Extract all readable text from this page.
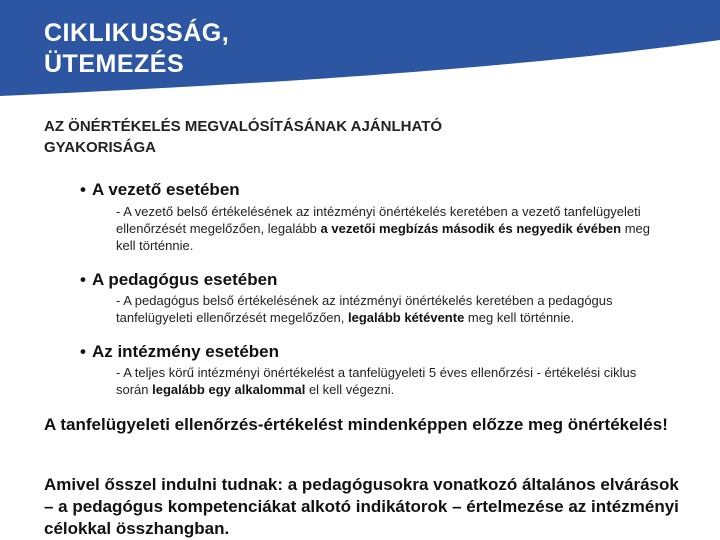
CIKLIKUSSÁG,
ÜTEMEZÉS
AZ ÖNÉRTÉKELÉS MEGVALÓSÍTÁSÁNAK AJÁNLHATÓ
GYAKORISÁGA
• A vezető esetében
- A vezető belső értékelésének az intézményi önértékelés keretében a vezető tanfelügyeleti ellenőrzését megelőzően, legalább a vezetői megbízás második és negyedik évében meg kell történnie.
• A pedagógus esetében
- A pedagógus belső értékelésének az intézményi önértékelés keretében a pedagógus tanfelügyeleti ellenőrzését megelőzően, legalább kétévente meg kell történnie.
• Az intézmény esetében
- A teljes körű intézményi önértékelést a tanfelügyeleti 5 éves ellenőrzési - értékelési ciklus során legalább egy alkalommal el kell végezni.
A tanfelügyeleti ellenőrzés-értékelést mindenképpen előzze meg önértékelés!
Amivel ősszel indulni tudnak: a pedagógusokra vonatkozó általános elvárások – a pedagógus kompetenciákat alkotó indikátorok – értelmezése az intézményi célokkal összhangban.
